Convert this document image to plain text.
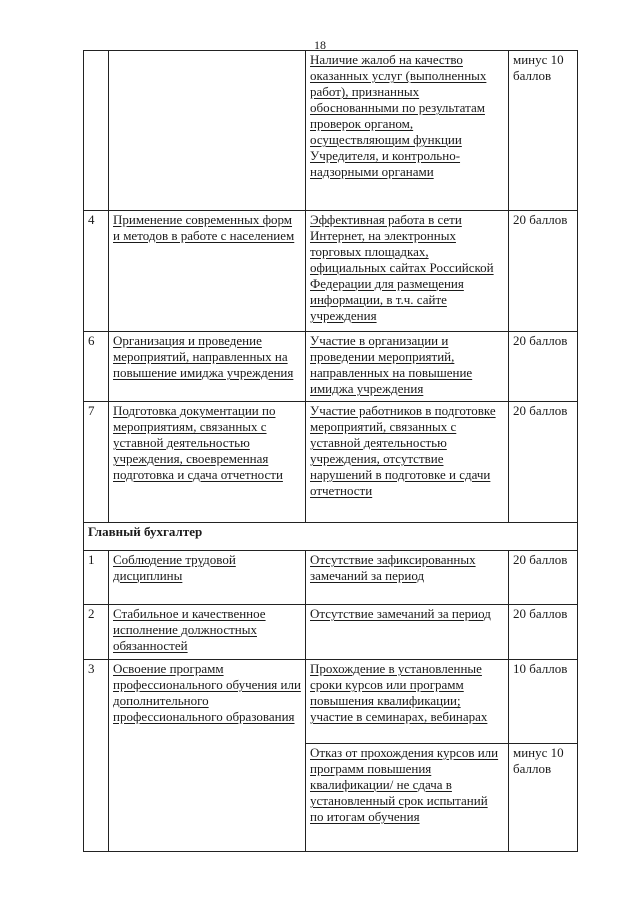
18
		Наличие жалоб на качество оказанных услуг (выполненных работ), признанных обоснованными по результатам проверок органом, осуществляющим функции Учредителя, и контрольно-надзорными органами	минус 10 баллов
4	Применение современных форм и методов в работе с населением	Эффективная работа в сети Интернет, на электронных торговых площадках, официальных сайтах Российской Федерации для размещения информации, в т.ч. сайте учреждения	20 баллов
6	Организация и проведение мероприятий, направленных на повышение имиджа учреждения	Участие в организации и проведении мероприятий, направленных на повышение имиджа учреждения	20 баллов
7	Подготовка документации по мероприятиям, связанных с уставной деятельностью учреждения, своевременная подготовка и сдача отчетности	Участие работников в подготовке мероприятий, связанных с уставной деятельностью учреждения, отсутствие нарушений в подготовке и сдачи отчетности	20 баллов
Главный бухгалтер			
1	Соблюдение трудовой дисциплины	Отсутствие зафиксированных замечаний за период	20 баллов
2	Стабильное и качественное исполнение должностных обязанностей	Отсутствие замечаний за период	20 баллов
3	Освоение программ профессионального обучения или дополнительного профессионального образования	Прохождение в установленные сроки курсов или программ повышения квалификации; участие в семинарах, вебинарах	10 баллов
		Отказ от прохождения курсов или программ повышения квалификации/ не сдача в установленный срок испытаний по итогам обучения	минус 10 баллов
